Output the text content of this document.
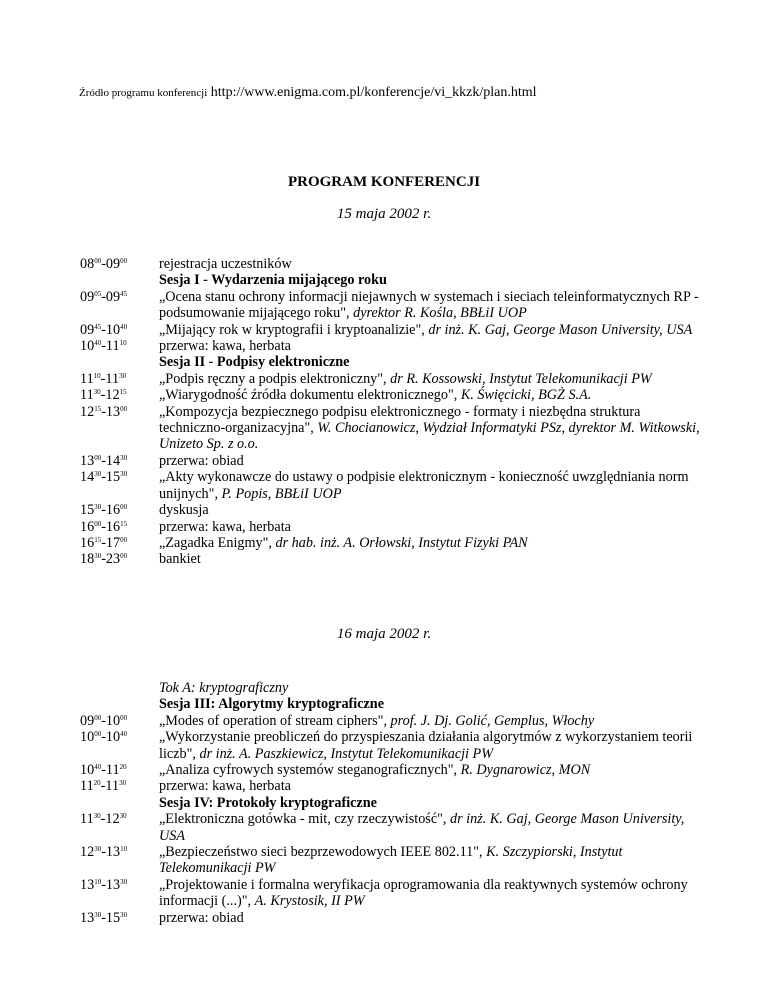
Źródło programu konferencji http://www.enigma.com.pl/konferencje/vi_kkzk/plan.html
PROGRAM KONFERENCJI
15 maja 2002 r.
$08^{00}-09^{00}$	rejestracja uczestników
Sesja I - Wydarzenia mijającego roku
$09^{05}-09^{45}$	„Ocena stanu ochrony informacji niejawnych w systemach i sieciach teleinformatycznych RP - podsumowanie mijającego roku", dyrektor R. Kośla, BBŁiI UOP
$09^{45}-10^{40}$	„Mijający rok w kryptografii i kryptoanalizie", dr inż. K. Gaj, George Mason University, USA
$10^{40}-11^{10}$	przerwa: kawa, herbata
Sesja II - Podpisy elektroniczne
$11^{10}-11^{30}$	„Podpis ręczny a podpis elektroniczny", dr R. Kossowski, Instytut Telekomunikacji PW
$11^{30}-12^{15}$	„Wiarygodność źródła dokumentu elektronicznego", K. Święcicki, BGŻ S.A.
$12^{15}-13^{00}$	„Kompozycja bezpiecznego podpisu elektronicznego - formaty i niezbędna struktura techniczno-organizacyjna", W. Chocianowicz, Wydział Informatyki PSz, dyrektor M. Witkowski, Unizeto Sp. z o.o.
$13^{00}-14^{30}$	przerwa: obiad
$14^{30}-15^{30}$	„Akty wykonawcze do ustawy o podpisie elektronicznym - konieczność uwzględniania norm unijnych", P. Popis, BBŁiI UOP
$15^{30}-16^{00}$	dyskusja
$16^{00}-16^{15}$	przerwa: kawa, herbata
$16^{15}-17^{00}$	„Zagadka Enigmy", dr hab. inż. A. Orłowski, Instytut Fizyki PAN
$18^{30}-23^{00}$	bankiet
16 maja 2002 r.
Tok A: kryptograficzny
Sesja III: Algorytmy kryptograficzne
$09^{00}-10^{00}$	„Modes of operation of stream ciphers", prof. J. Dj. Golić, Gemplus, Włochy
$10^{00}-10^{40}$	„Wykorzystanie preobliczeń do przyspieszania działania algorytmów z wykorzystaniem teorii liczb", dr inż. A. Paszkiewicz, Instytut Telekomunikacji PW
$10^{40}-11^{20}$	„Analiza cyfrowych systemów steganograficznych", R. Dygnarowicz, MON
$11^{20}-11^{30}$	przerwa: kawa, herbata
Sesja IV: Protokoły kryptograficzne
$11^{30}-12^{30}$	„Elektroniczna gotówka - mit, czy rzeczywistość", dr inż. K. Gaj, George Mason University, USA
$12^{30}-13^{10}$	„Bezpieczeństwo sieci bezprzewodowych IEEE 802.11", K. Szczypiorski, Instytut Telekomunikacji PW
$13^{10}-13^{30}$	„Projektowanie i formalna weryfikacja oprogramowania dla reaktywnych systemów ochrony informacji (...)", A. Krystosik, II PW
$13^{30}-15^{30}$	przerwa: obiad
